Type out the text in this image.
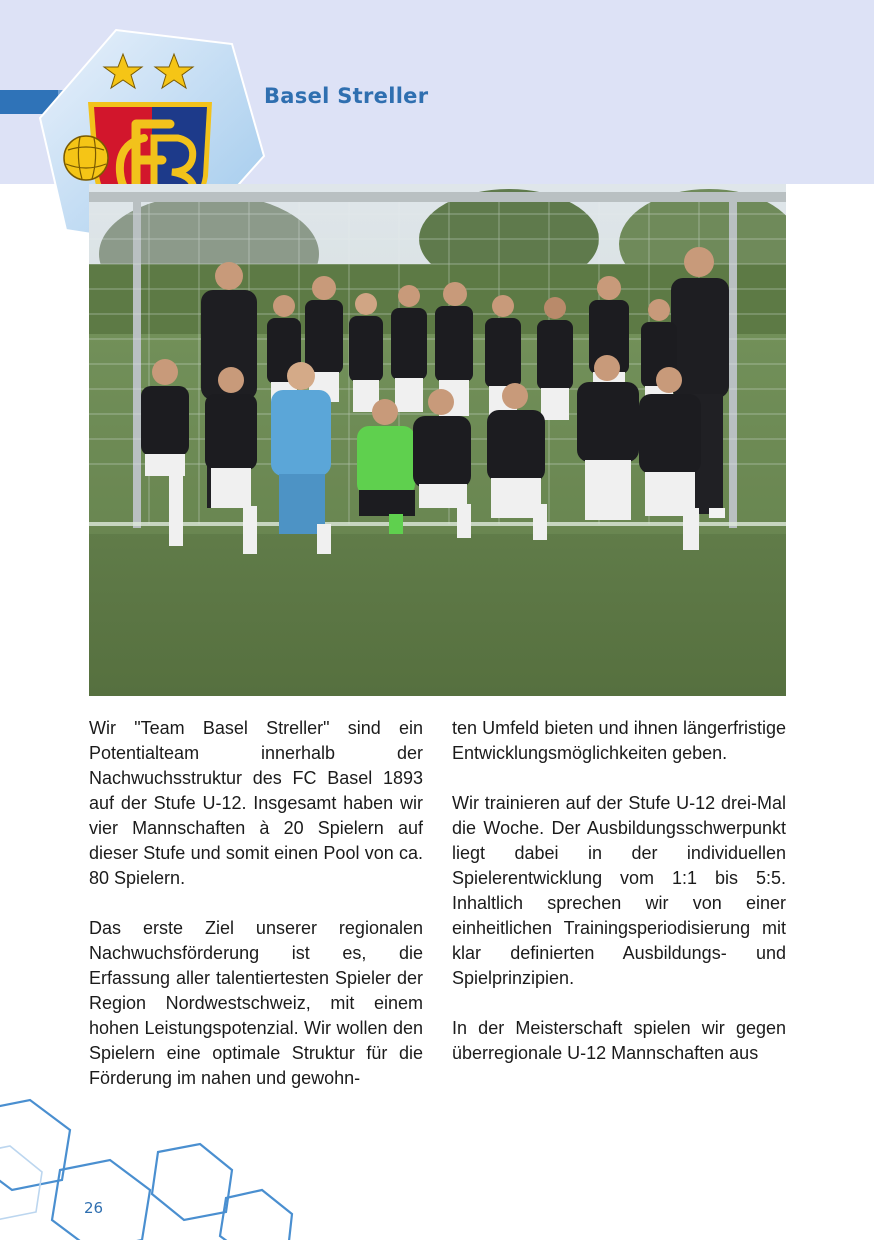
Basel Streller

Wir "Team Basel Streller" sind ein Potentialteam innerhalb der Nachwuchsstruktur des FC Basel 1893 auf der Stufe U-12. Insgesamt haben wir vier Mannschaften à 20 Spielern auf dieser Stufe und somit einen Pool von ca. 80 Spielern.

Das erste Ziel unserer regionalen Nachwuchsförderung ist es, die Erfassung aller talentiertesten Spieler der Region Nordwestschweiz, mit einem hohen Leistungspotenzial. Wir wollen den Spielern eine optimale Struktur für die Förderung im nahen und gewohn-

ten Umfeld bieten und ihnen längerfristige Entwicklungsmöglichkeiten geben.

Wir trainieren auf der Stufe U-12 drei-Mal die Woche. Der Ausbildungsschwerpunkt liegt dabei in der individuellen Spielerentwicklung vom 1:1 bis 5:5. Inhaltlich sprechen wir von einer einheitlichen Trainingsperiodisierung mit klar definierten Ausbildungs- und Spielprinzipien.

In der Meisterschaft spielen wir gegen überregionale U-12 Mannschaften aus

26
